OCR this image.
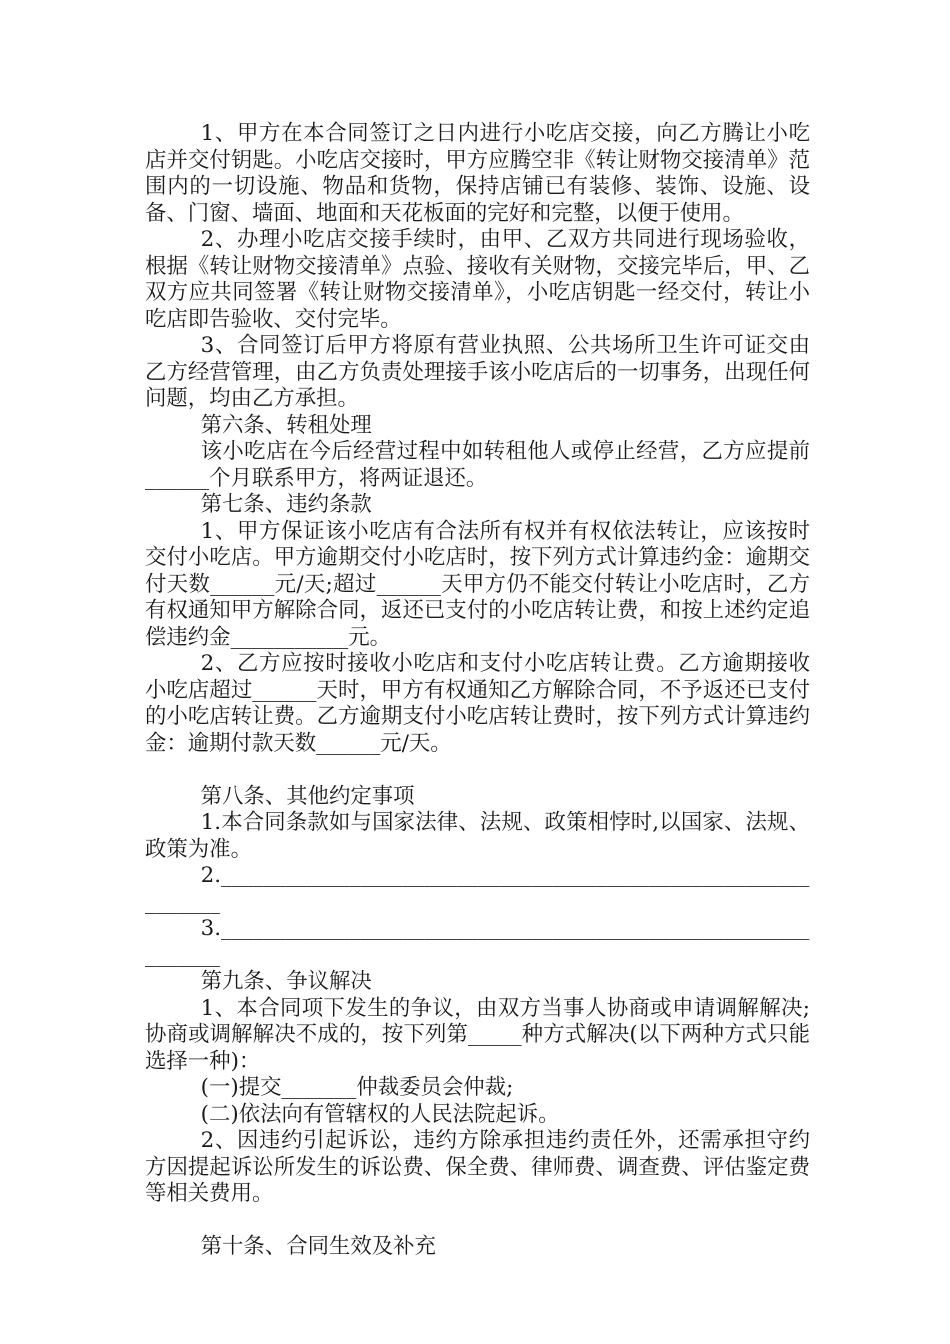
1、甲方在本合同签订之日内进行小吃店交接，向乙方腾让小吃店并交付钥匙。小吃店交接时，甲方应腾空非《转让财物交接清单》范围内的一切设施、物品和货物，保持店铺已有装修、装饰、设施、设备、门窗、墙面、地面和天花板面的完好和完整，以便于使用。

2、办理小吃店交接手续时，由甲、乙双方共同进行现场验收，根据《转让财物交接清单》点验、接收有关财物，交接完毕后，甲、乙双方应共同签署《转让财物交接清单》，小吃店钥匙一经交付，转让小吃店即告验收、交付完毕。

3、合同签订后甲方将原有营业执照、公共场所卫生许可证交由乙方经营管理，由乙方负责处理接手该小吃店后的一切事务，出现任何问题，均由乙方承担。

第六条、转租处理

该小吃店在今后经营过程中如转租他人或停止经营，乙方应提前______个月联系甲方，将两证退还。

第七条、违约条款

1、甲方保证该小吃店有合法所有权并有权依法转让，应该按时交付小吃店。甲方逾期交付小吃店时，按下列方式计算违约金：逾期交付天数______元/天;超过______天甲方仍不能交付转让小吃店时，乙方有权通知甲方解除合同，返还已支付的小吃店转让费，和按上述约定追偿违约金___________元。

2、乙方应按时接收小吃店和支付小吃店转让费。乙方逾期接收小吃店超过______天时，甲方有权通知乙方解除合同，不予返还已支付的小吃店转让费。乙方逾期支付小吃店转让费时，按下列方式计算违约金：逾期付款天数______元/天。

第八条、其他约定事项

1.本合同条款如与国家法律、法规、政策相悖时,以国家、法规、政策为准。

2.______________________________________________________________

3.______________________________________________________________

第九条、争议解决

1、本合同项下发生的争议，由双方当事人协商或申请调解解决;协商或调解解决不成的，按下列第_____种方式解决(以下两种方式只能选择一种)：

(一)提交_______仲裁委员会仲裁;

(二)依法向有管辖权的人民法院起诉。

2、因违约引起诉讼，违约方除承担违约责任外，还需承担守约方因提起诉讼所发生的诉讼费、保全费、律师费、调查费、评估鉴定费等相关费用。

第十条、合同生效及补充
